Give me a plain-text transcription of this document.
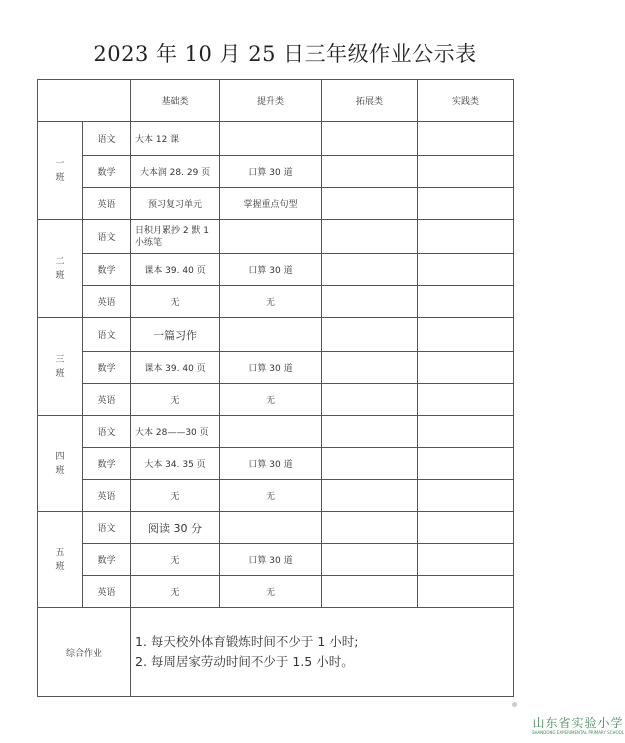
2023 年 10 月 25 日三年级作业公示表
		基础类	提升类	拓展类	实践类

一
班	语文	大本 12 课			
	数学	大本润 28. 29 页	口算 30 道		
	英语	预习复习单元	掌握重点句型		

二
班	语文	日积月累抄 2 默 1 小练笔			
	数学	课本 39. 40 页	口算 30 道		
	英语	无	无		

三
班	语文	一篇习作			
	数学	课本 39. 40 页	口算 30 道		
	英语	无	无		

四
班	语文	大本 28——30 页			
	数学	大本 34. 35 页	口算 30 道		
	英语	无	无		

五
班	语文	阅读 30 分			
	数学	无	口算 30 道		
	英语	无	无		
综合作业		1. 每天校外体育锻炼时间不少于 1 小时;
2. 每周居家劳动时间不少于 1.5 小时。			
山东省实验小学
SHANDONG EXPERIMENTAL PRIMARY SCHOOL
